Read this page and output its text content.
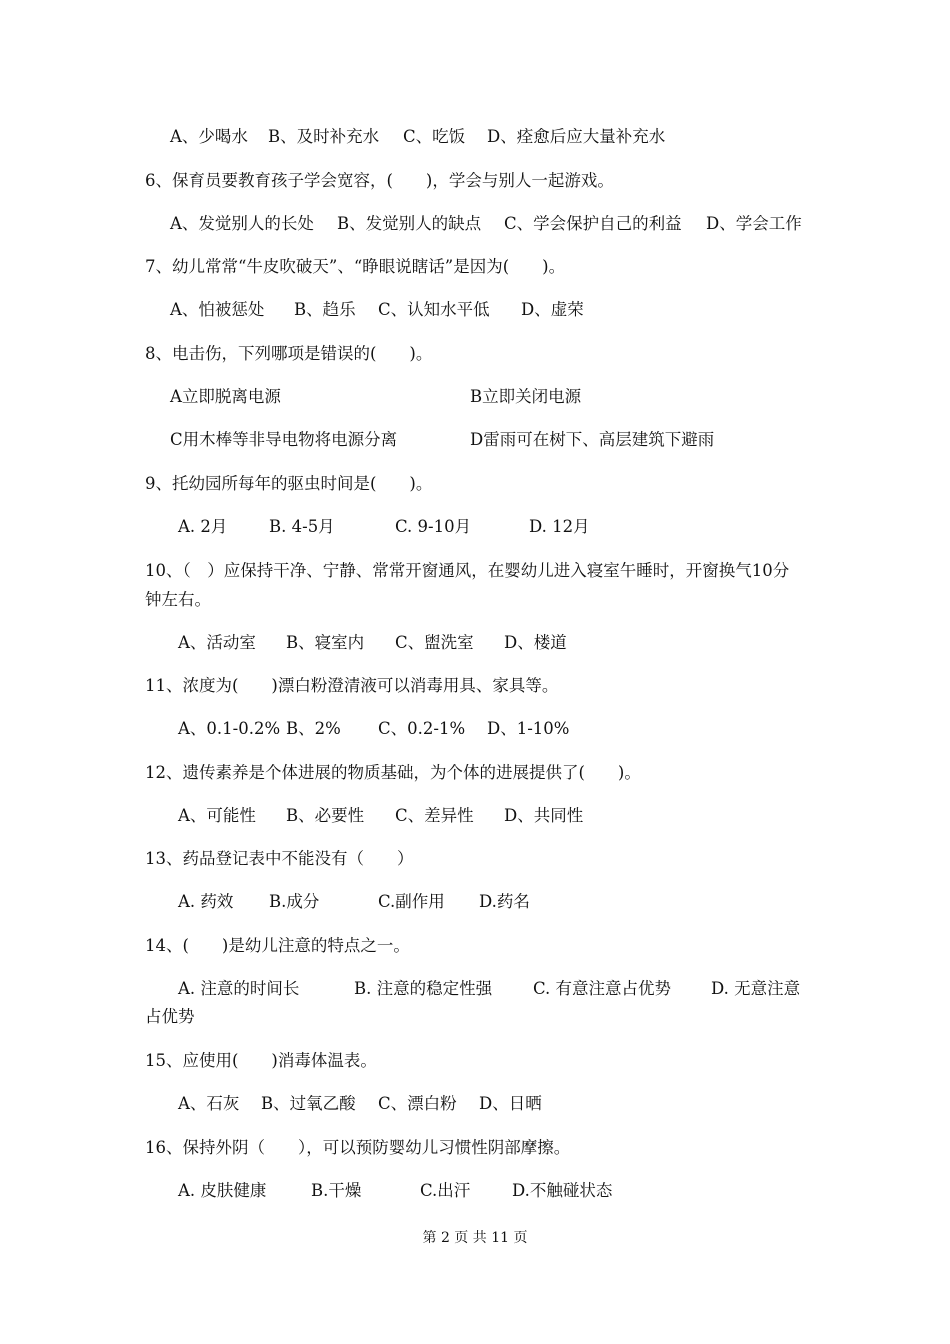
A、少喝水 B、及时补充水 C、吃饭 D、痊愈后应大量补充水
6、保育员要教育孩子学会宽容，(　　)，学会与别人一起游戏。
A、发觉别人的长处 B、发觉别人的缺点 C、学会保护自己的利益 D、学会工作
7、幼儿常常“牛皮吹破天”、“睁眼说瞎话”是因为(　　)。
A、怕被惩处 B、趋乐 C、认知水平低 D、虚荣
8、电击伤，下列哪项是错误的(　　)。
A立即脱离电源	B立即关闭电源
C用木棒等非导电物将电源分离	D雷雨可在树下、高层建筑下避雨
9、托幼园所每年的驱虫时间是(　　)。
A. 2月	B. 4-5月	C. 9-10月	D. 12月
10、（　）应保持干净、宁静、常常开窗通风，在婴幼儿进入寝室午睡时，开窗换气10分
钟左右。
A、活动室 B、寝室内 C、盥洗室 D、楼道
11、浓度为(　　)漂白粉澄清液可以消毒用具、家具等。
A、0.1-0.2% B、2% C、0.2-1% D、1-10%
12、遗传素养是个体进展的物质基础，为个体的进展提供了(　　)。
A、可能性 B、必要性 C、差异性 D、共同性
13、药品登记表中不能没有（　　）
A. 药效 B.成分	C.副作用 D.药名
14、(　　)是幼儿注意的特点之一。
A. 注意的时间长	B. 注意的稳定性强 C. 有意注意占优势 D. 无意注意
占优势
15、应使用(　　)消毒体温表。
A、石灰 B、过氧乙酸 C、漂白粉 D、日晒
16、保持外阴（　　），可以预防婴幼儿习惯性阴部摩擦。
A. 皮肤健康	B.干燥	C.出汗	D.不触碰状态
第 2 页 共 11 页
